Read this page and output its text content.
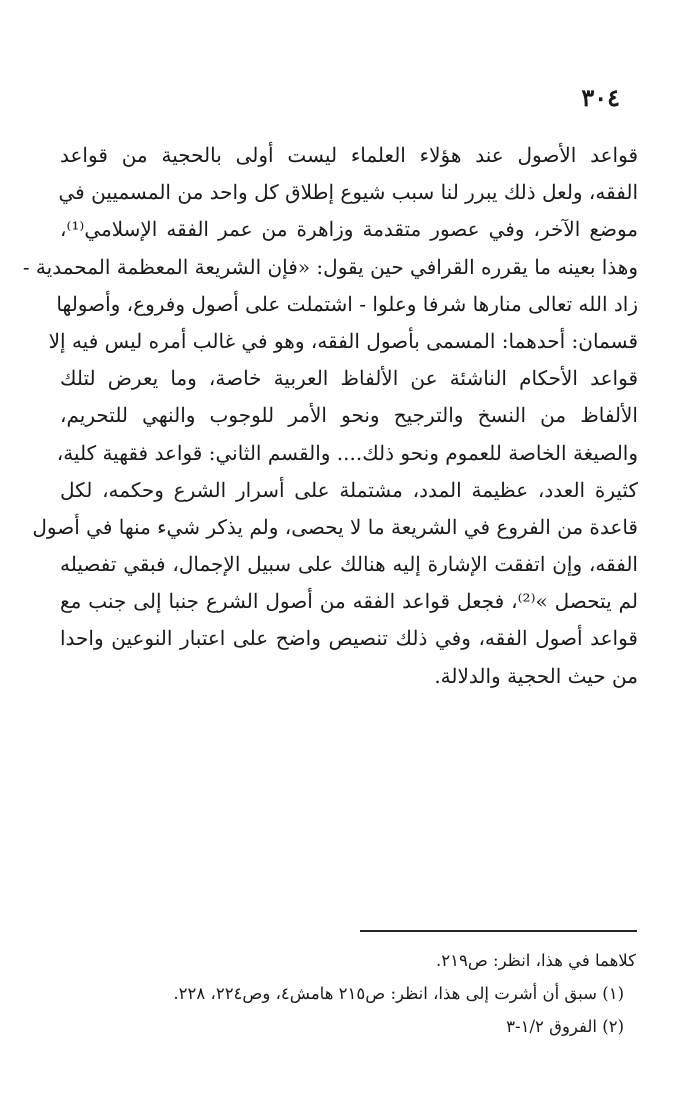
٣٠٤
قواعد الأصول عند هؤلاء العلماء ليست أولى بالحجية من قواعد
الفقه، ولعل ذلك يبرر لنا سبب شيوع إطلاق كل واحد من المسميين في
موضع الآخر، وفي عصور متقدمة وزاهرة من عمر الفقه الإسلامي⁽¹⁾،
وهذا بعينه ما يقرره القرافي حين يقول: «فإن الشريعة المعظمة المحمدية -
زاد الله تعالى منارها شرفا وعلوا - اشتملت على أصول وفروع، وأصولها
قسمان: أحدهما: المسمى بأصول الفقه، وهو في غالب أمره ليس فيه إلا
قواعد الأحكام الناشئة عن الألفاظ العربية خاصة، وما يعرض لتلك
الألفاظ من النسخ والترجيح ونحو الأمر للوجوب والنهي للتحريم،
والصيغة الخاصة للعموم ونحو ذلك.... والقسم الثاني: قواعد فقهية كلية،
كثيرة العدد، عظيمة المدد، مشتملة على أسرار الشرع وحكمه، لكل
قاعدة من الفروع في الشريعة ما لا يحصى، ولم يذكر شيء منها في أصول
الفقه، وإن اتفقت الإشارة إليه هنالك على سبيل الإجمال، فبقي تفصيله
لم يتحصل »⁽²⁾، فجعل قواعد الفقه من أصول الشرع جنبا إلى جنب مع
قواعد أصول الفقه، وفي ذلك تنصيص واضح على اعتبار النوعين واحدا
من حيث الحجية والدلالة.
كلاهما في هذا، انظر: ص٢١٩.
(١) سبق أن أشرت إلى هذا، انظر: ص٢١٥ هامش٤، وص٢٢٤، ٢٢٨.
(٢) الفروق ١/٢-٣
